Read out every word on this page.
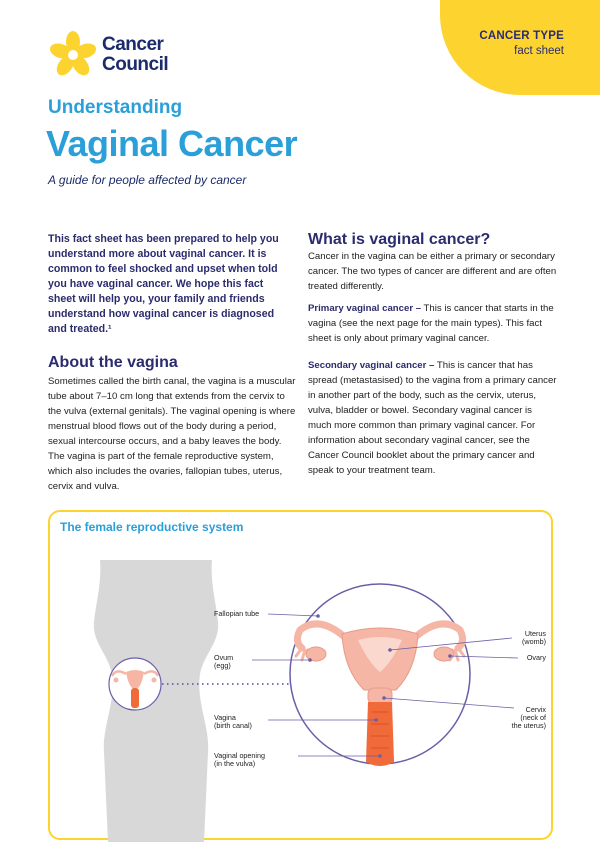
CANCER TYPE
fact sheet
Cancer
Council
Understanding
Vaginal Cancer
A guide for people affected by cancer
This fact sheet has been prepared to help you understand more about vaginal cancer. It is common to feel shocked and upset when told you have vaginal cancer. We hope this fact sheet will help you, your family and friends understand how vaginal cancer is diagnosed and treated.¹
About the vagina
Sometimes called the birth canal, the vagina is a muscular tube about 7–10 cm long that extends from the cervix to the vulva (external genitals). The vaginal opening is where menstrual blood flows out of the body during a period, sexual intercourse occurs, and a baby leaves the body. The vagina is part of the female reproductive system, which also includes the ovaries, fallopian tubes, uterus, cervix and vulva.
What is vaginal cancer?
Cancer in the vagina can be either a primary or secondary cancer. The two types of cancer are different and are often treated differently.
Primary vaginal cancer – This is cancer that starts in the vagina (see the next page for the main types). This fact sheet is only about primary vaginal cancer.
Secondary vaginal cancer – This is cancer that has spread (metastasised) to the vagina from a primary cancer in another part of the body, such as the cervix, uterus, vulva, bladder or bowel. Secondary vaginal cancer is much more common than primary vaginal cancer. For information about secondary vaginal cancer, see the Cancer Council booklet about the primary cancer and speak to your treatment team.
The female reproductive system
Fallopian tube
Ovum
(egg)
Vagina
(birth canal)
Vaginal opening
(in the vulva)
Uterus
(womb)
Ovary
Cervix
(neck of
the uterus)
